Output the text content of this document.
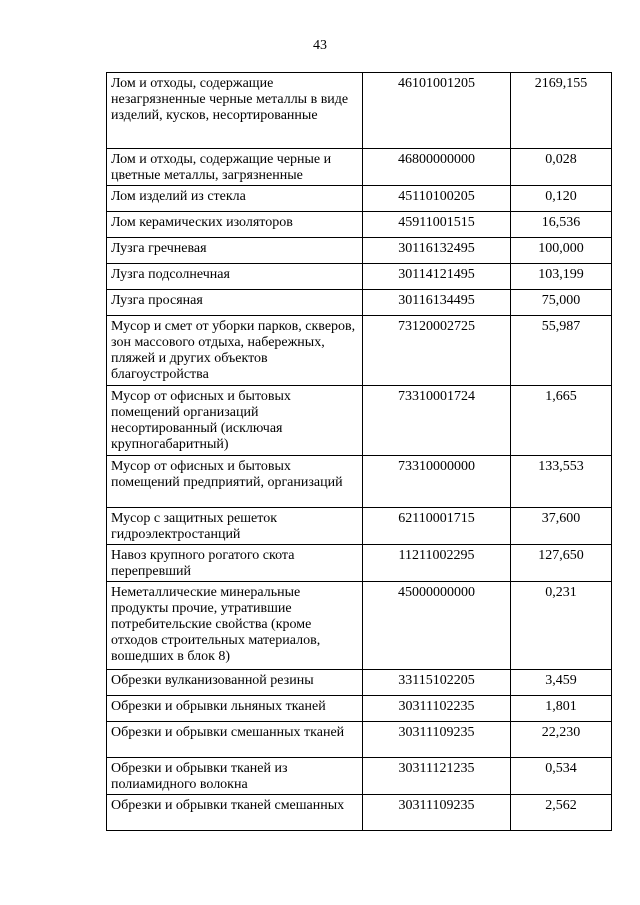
43
Лом и отходы, содержащие незагрязненные черные металлы в виде изделий, кусков, несортированные	46101001205	2169,155
Лом и отходы, содержащие черные и цветные металлы, загрязненные	46800000000	0,028
Лом изделий из стекла	45110100205	0,120
Лом керамических изоляторов	45911001515	16,536
Лузга гречневая	30116132495	100,000
Лузга подсолнечная	30114121495	103,199
Лузга просяная	30116134495	75,000
Мусор и смет от уборки парков, скверов, зон массового отдыха, набережных, пляжей и других объектов благоустройства	73120002725	55,987
Мусор от офисных и бытовых помещений организаций несортированный (исключая крупногабаритный)	73310001724	1,665
Мусор от офисных и бытовых помещений предприятий, организаций	73310000000	133,553
Мусор с защитных решеток гидроэлектростанций	62110001715	37,600
Навоз крупного рогатого скота перепревший	11211002295	127,650
Неметаллические минеральные продукты прочие, утратившие потребительские свойства (кроме отходов строительных материалов, вошедших в блок 8)	45000000000	0,231
Обрезки вулканизованной резины	33115102205	3,459
Обрезки и обрывки льняных тканей	30311102235	1,801
Обрезки и обрывки смешанных тканей	30311109235	22,230
Обрезки и обрывки тканей из полиамидного волокна	30311121235	0,534
Обрезки и обрывки тканей смешанных	30311109235	2,562
